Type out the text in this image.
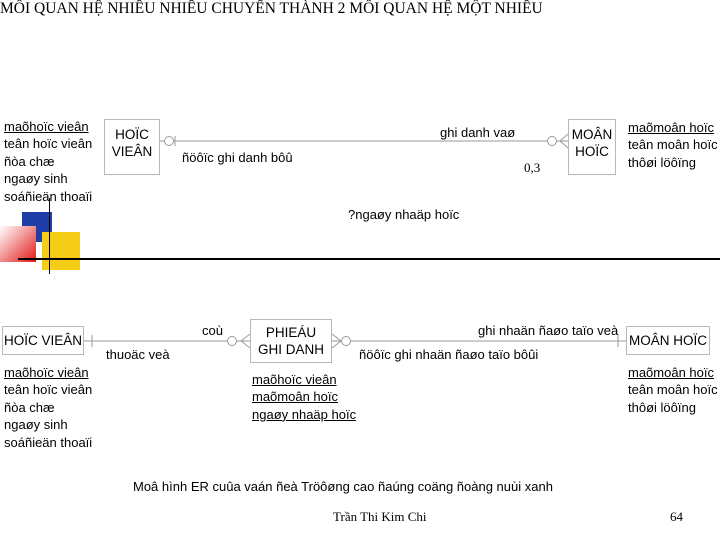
MỐI QUAN HỆ NHIỀU NHIỀU CHUYỂN THÀNH 2 MỐI QUAN HỆ MỘT NHIỀU
maõhoïc vieân
teân hoïc vieân
ñòa chæ
ngaøy sinh
soáñieän thoaïi
HOÏC
VIEÂN	ñöôïc ghi danh bôû
ghi danh vaø
0,3
MOÂN
HOÏC
maõmoân hoïc
teân moân hoïc
thôøi löôïng
?ngaøy nhaäp hoïc
HOÏC VIEÂN
maõhoïc vieân
teân hoïc vieân
ñòa chæ
ngaøy sinh
soáñieän thoaïi
coù
thuoäc veà
PHIEÁU
GHI DANH
maõhoïc vieân
maõmoân hoïc
ngaøy nhaäp hoïc
ghi nhaän ñaøo taïo veà
ñöôïc ghi nhaän ñaøo taïo bôûi
MOÂN HOÏC
maõmoân hoïc
teân moân hoïc
thôøi löôïng
Moâ hình ER cuûa vaán ñeà Tröôøng cao ñaúng coäng ñoàng nuùi xanh
Trần Thi Kim Chi	64
